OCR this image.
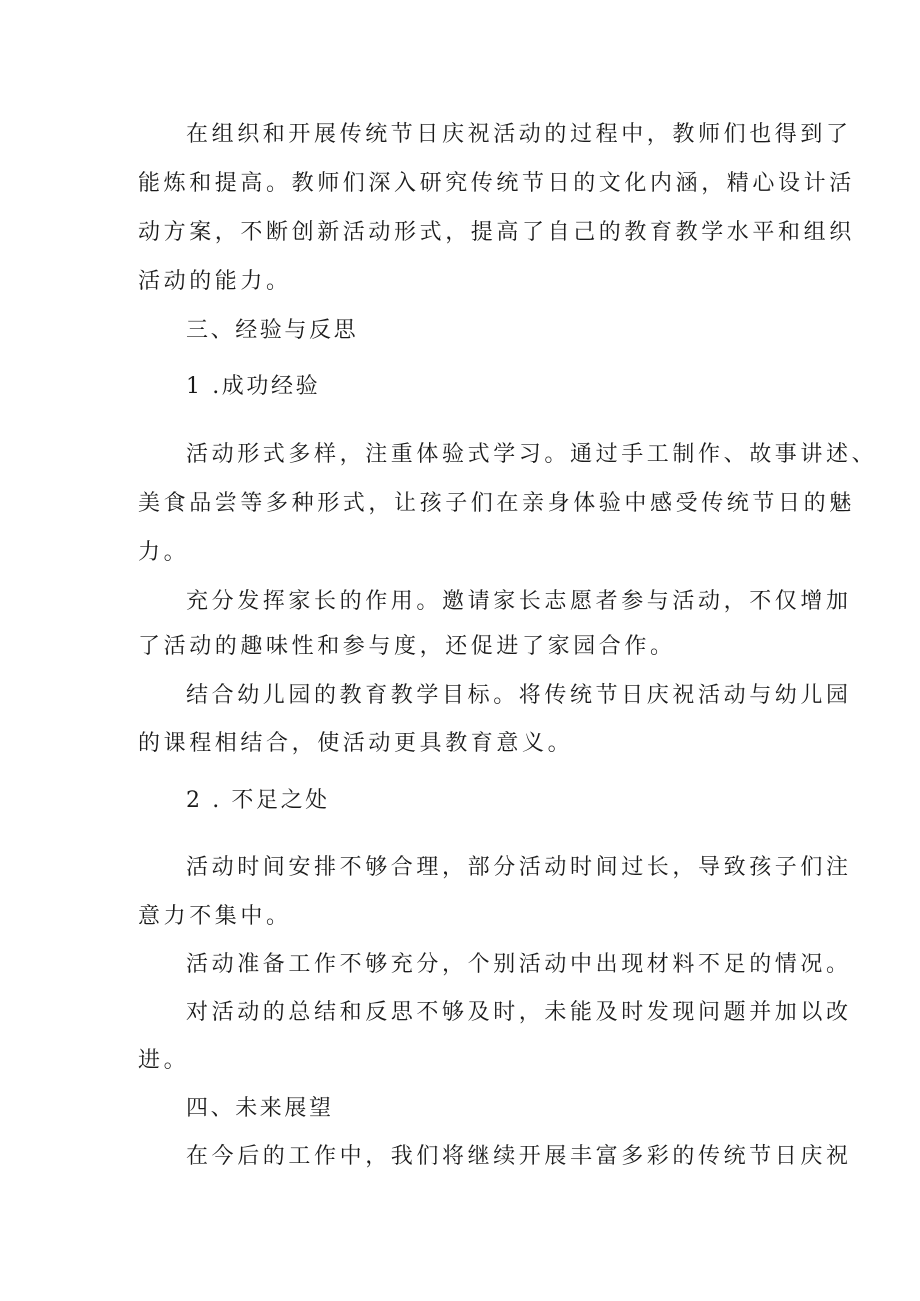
在组织和开展传统节日庆祝活动的过程中，教师们也得到了
能炼和提高。教师们深入研究传统节日的文化内涵，精心设计活
动方案，不断创新活动形式，提高了自己的教育教学水平和组织
活动的能力。
三、经验与反思
1 .成功经验
活动形式多样，注重体验式学习。通过手工制作、故事讲述、
美食品尝等多种形式，让孩子们在亲身体验中感受传统节日的魅
力。
充分发挥家长的作用。邀请家长志愿者参与活动，不仅增加
了活动的趣味性和参与度，还促进了家园合作。
结合幼儿园的教育教学目标。将传统节日庆祝活动与幼儿园
的课程相结合，使活动更具教育意义。
2 . 不足之处
活动时间安排不够合理，部分活动时间过长，导致孩子们注
意力不集中。
活动准备工作不够充分，个别活动中出现材料不足的情况。
对活动的总结和反思不够及时，未能及时发现问题并加以改
进。
四、未来展望
在今后的工作中，我们将继续开展丰富多彩的传统节日庆祝
